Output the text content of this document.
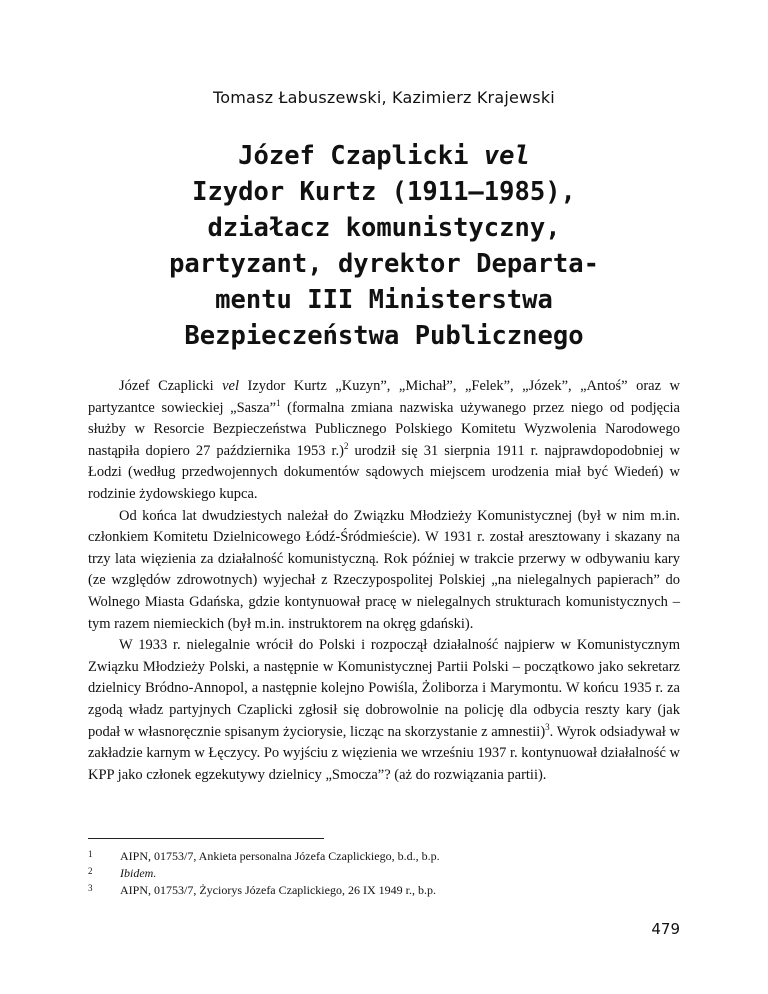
Tomasz Łabuszewski, Kazimierz Krajewski
Józef Czaplicki vel
Izydor Kurtz (1911–1985),
działacz komunistyczny,
partyzant, dyrektor Departa-
mentu III Ministerstwa
Bezpieczeństwa Publicznego

Józef Czaplicki vel Izydor Kurtz „Kuzyn”, „Michał”, „Felek”, „Józek”, „Antoś” oraz w partyzantce sowieckiej „Sasza”$^1$ (formalna zmiana nazwiska używanego przez niego od podjęcia służby w Resorcie Bezpieczeństwa Publicznego Polskiego Komitetu Wyzwolenia Narodowego nastąpiła dopiero 27 października 1953 r.)$^2$ urodził się 31 sierpnia 1911 r. najprawdopodobniej w Łodzi (według przedwojennych dokumentów sądowych miejscem urodzenia miał być Wiedeń) w rodzinie żydowskiego kupca.

Od końca lat dwudziestych należał do Związku Młodzieży Komunistycznej (był w nim m.in. członkiem Komitetu Dzielnicowego Łódź-Śródmieście). W 1931 r. został aresztowany i skazany na trzy lata więzienia za działalność komunistyczną. Rok później w trakcie przerwy w odbywaniu kary (ze względów zdrowotnych) wyjechał z Rzeczypospolitej Polskiej „na nielegalnych papierach” do Wolnego Miasta Gdańska, gdzie kontynuował pracę w nielegalnych strukturach komunistycznych – tym razem niemieckich (był m.in. instruktorem na okręg gdański).

W 1933 r. nielegalnie wrócił do Polski i rozpoczął działalność najpierw w Komunistycznym Związku Młodzieży Polski, a następnie w Komunistycznej Partii Polski – początkowo jako sekretarz dzielnicy Bródno-Annopol, a następnie kolejno Powiśla, Żoliborza i Marymontu. W końcu 1935 r. za zgodą władz partyjnych Czaplicki zgłosił się dobrowolnie na policję dla odbycia reszty kary (jak podał w własnoręcznie spisanym życiorysie, licząc na skorzystanie z amnestii)$^3$. Wyrok odsiadywał w zakładzie karnym w Łęczycy. Po wyjściu z więzienia we wrześniu 1937 r. kontynuował działalność w KPP jako członek egzekutywy dzielnicy „Smocza”? (aż do rozwiązania partii).

1	AIPN, 01753/7, Ankieta personalna Józefa Czaplickiego, b.d., b.p.
2	Ibidem.
3	AIPN, 01753/7, Życiorys Józefa Czaplickiego, 26 IX 1949 r., b.p.
479
